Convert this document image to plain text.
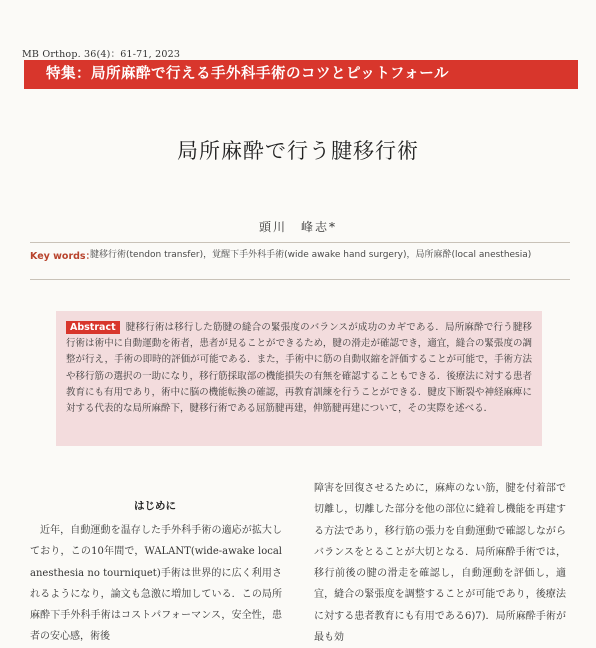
MB Orthop. 36(4)：61-71, 2023
特集：局所麻酔で行える手外科手術のコツとピットフォール
局所麻酔で行う腱移行術
頭川　峰志*
Key words：
腱移行術(tendon transfer)，覚醒下手外科手術(wide awake hand surgery)，局所麻酔(local anesthesia)
Abstract 腱移行術は移行した筋腱の縫合の緊張度のバランスが成功のカギである．局所麻酔で行う腱移行術は術中に自動運動を術者，患者が見ることができるため，腱の滑走が確認でき，適宜，縫合の緊張度の調整が行え，手術の即時的評価が可能である．また，手術中に筋の自動収縮を評価することが可能で，手術方法や移行筋の選択の一助になり，移行筋採取部の機能損失の有無を確認することもできる．後療法に対する患者教育にも有用であり，術中に脳の機能転換の確認，再教育訓練を行うことができる．腱皮下断裂や神経麻痺に対する代表的な局所麻酔下，腱移行術である屈筋腱再建，伸筋腱再建について，その実際を述べる．
はじめに

近年，自動運動を温存した手外科手術の適応が拡大しており，この10年間で，WALANT(wide-awake local anesthesia no tourniquet)手術は世界的に広く利用されるようになり，論文も急激に増加している．この局所麻酔下手外科手術はコストパフォーマンス，安全性，患者の安心感，術後

障害を回復させるために，麻痺のない筋，腱を付着部で切離し，切離した部分を他の部位に縫着し機能を再建する方法であり，移行筋の張力を自動運動で確認しながらバランスをとることが大切となる．局所麻酔手術では，移行前後の腱の滑走を確認し，自動運動を評価し，適宜，縫合の緊張度を調整することが可能であり，後療法に対する患者教育にも有用である6)7)．局所麻酔手術が最も効
